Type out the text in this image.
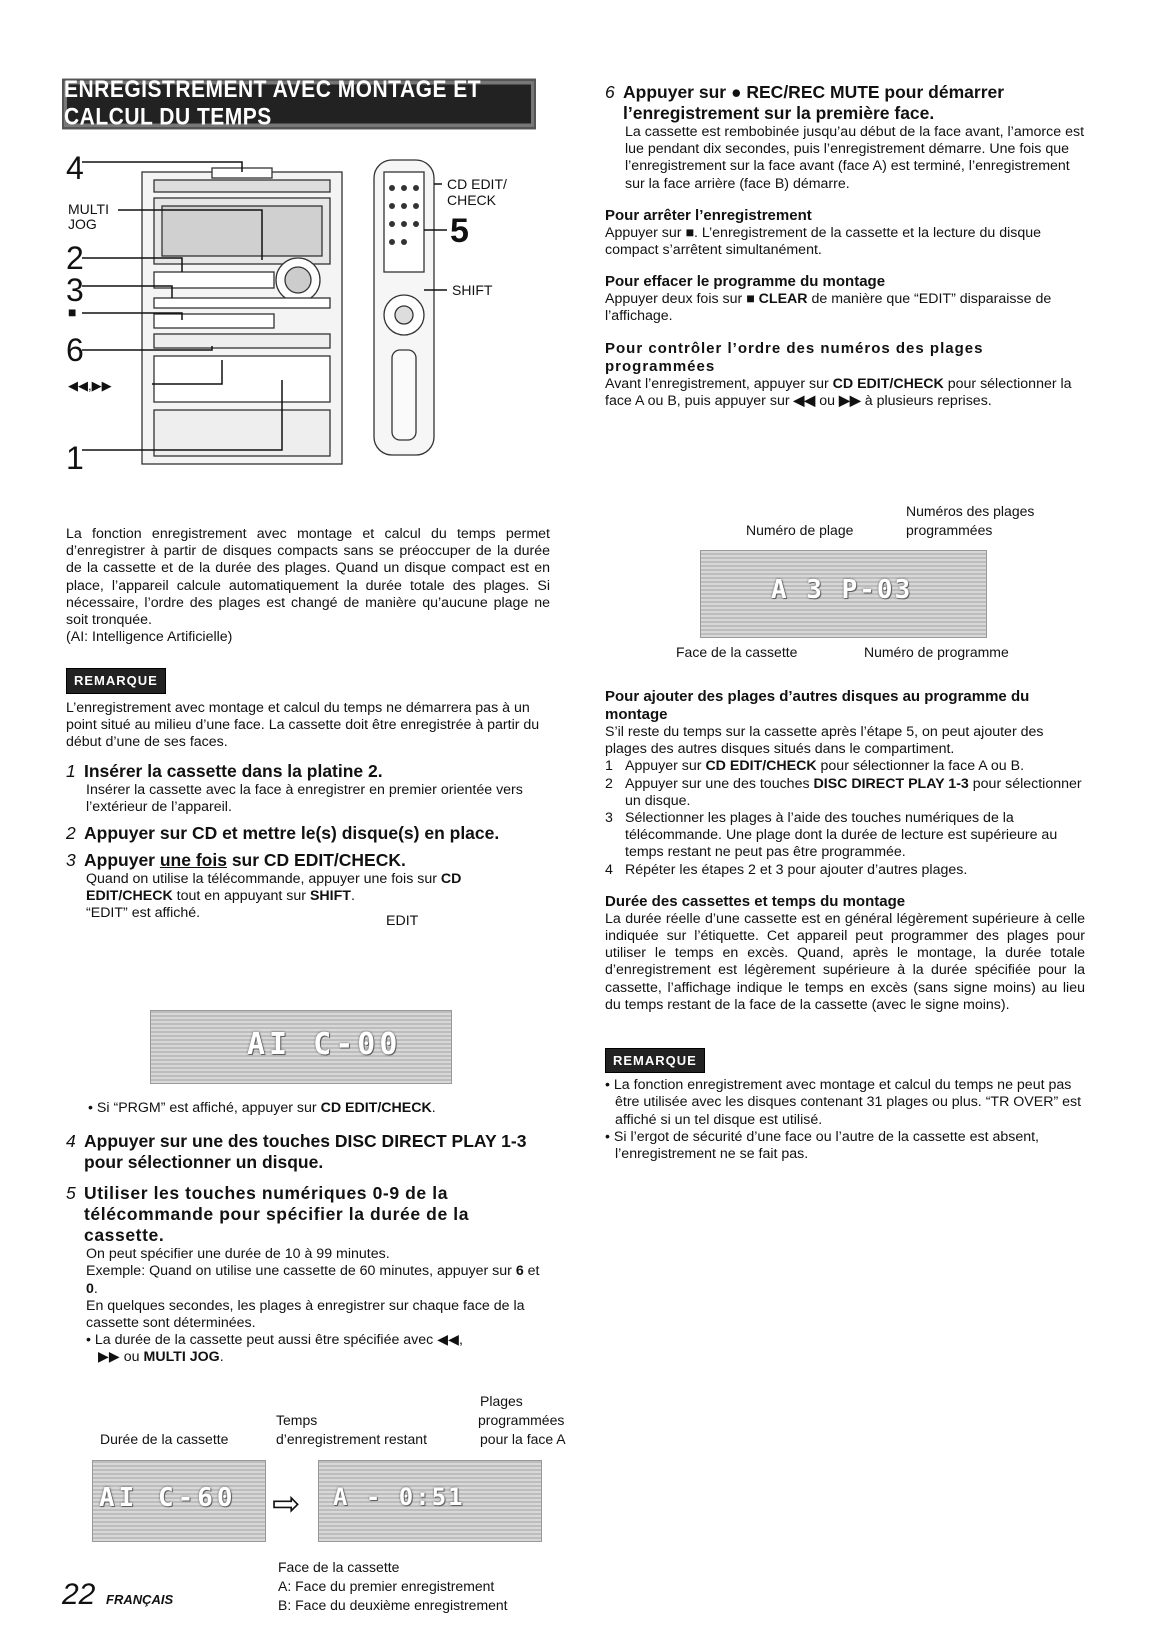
ENREGISTREMENT AVEC MONTAGE ET CALCUL DU TEMPS
4
MULTI JOG
2
3
■
6
◀◀,▶▶
1
CD EDIT/ CHECK
5
SHIFT

La fonction enregistrement avec montage et calcul du temps permet d’enregistrer à partir de disques compacts sans se préoccuper de la durée de la cassette et de la durée des plages. Quand un disque compact est en place, l’appareil calcule automatiquement la durée totale des plages. Si nécessaire, l’ordre des plages est changé de manière qu’aucune plage ne soit tronquée.

(AI: Intelligence Artificielle)

REMARQUE

L’enregistrement avec montage et calcul du temps ne démarrera pas à un point situé au milieu d’une face. La cassette doit être enregistrée à partir du début d’une de ses faces.

1 Insérer la cassette dans la platine 2.

Insérer la cassette avec la face à enregistrer en premier orientée vers l’extérieur de l’appareil.

2 Appuyer sur CD et mettre le(s) disque(s) en place.
3 Appuyer une fois sur CD EDIT/CHECK.

Quand on utilise la télécommande, appuyer une fois sur CD EDIT/CHECK tout en appuyant sur SHIFT.

“EDIT” est affiché.	EDIT
AI C-00

• Si “PRGM” est affiché, appuyer sur CD EDIT/CHECK.

4 Appuyer sur une des touches DISC DIRECT PLAY 1-3 pour sélectionner un disque.
5 Utiliser les touches numériques 0-9 de la télécommande pour spécifier la durée de la cassette.

On peut spécifier une durée de 10 à 99 minutes.

Exemple: Quand on utilise une cassette de 60 minutes, appuyer sur 6 et 0.

En quelques secondes, les plages à enregistrer sur chaque face de la cassette sont déterminées.

• La durée de la cassette peut aussi être spécifiée avec ◀◀,

▶▶ ou MULTI JOG.

Plages
Temps	programmées
Durée de la cassette	d’enregistrement restant	pour la face A
AI C-60 ⇨ A - 0:51
Face de la cassette
A: Face du premier enregistrement
B: Face du deuxième enregistrement
22 FRANÇAIS
6 Appuyer sur ● REC/REC MUTE pour démarrer l’enregistrement sur la première face.

La cassette est rembobinée jusqu’au début de la face avant, l’amorce est lue pendant dix secondes, puis l’enregistrement démarre. Une fois que l’enregistrement sur la face avant (face A) est terminé, l’enregistrement sur la face arrière (face B) démarre.

Pour arrêter l’enregistrement

Appuyer sur ■. L’enregistrement de la cassette et la lecture du disque compact s’arrêtent simultanément.

Pour effacer le programme du montage

Appuyer deux fois sur ■ CLEAR de manière que “EDIT” disparaisse de l’affichage.

Pour contrôler l’ordre des numéros des plages programmées

Avant l’enregistrement, appuyer sur CD EDIT/CHECK pour sélectionner la face A ou B, puis appuyer sur ◀◀ ou ▶▶ à plusieurs reprises.

Numéros des plages
Numéro de plage	programmées
A 3 P-03
Face de la cassette	Numéro de programme
Pour ajouter des plages d’autres disques au programme du montage

S’il reste du temps sur la cassette après l’étape 5, on peut ajouter des plages des autres disques situés dans le compartiment.

1 Appuyer sur CD EDIT/CHECK pour sélectionner la face A ou B.
2 Appuyer sur une des touches DISC DIRECT PLAY 1-3 pour sélectionner un disque.
3 Sélectionner les plages à l’aide des touches numériques de la télécommande. Une plage dont la durée de lecture est supérieure au temps restant ne peut pas être programmée.
4 Répéter les étapes 2 et 3 pour ajouter d’autres plages.
Durée des cassettes et temps du montage

La durée réelle d’une cassette est en général légèrement supérieure à celle indiquée sur l’étiquette. Cet appareil peut programmer des plages pour utiliser le temps en excès. Quand, après le montage, la durée totale d’enregistrement est légèrement supérieure à la durée spécifiée pour la cassette, l’affichage indique le temps en excès (sans signe moins) au lieu du temps restant de la face de la cassette (avec le signe moins).

REMARQUE

• La fonction enregistrement avec montage et calcul du temps ne peut pas être utilisée avec les disques contenant 31 plages ou plus. “TR OVER” est affiché si un tel disque est utilisé.

• Si l’ergot de sécurité d’une face ou l’autre de la cassette est absent, l’enregistrement ne se fait pas.
